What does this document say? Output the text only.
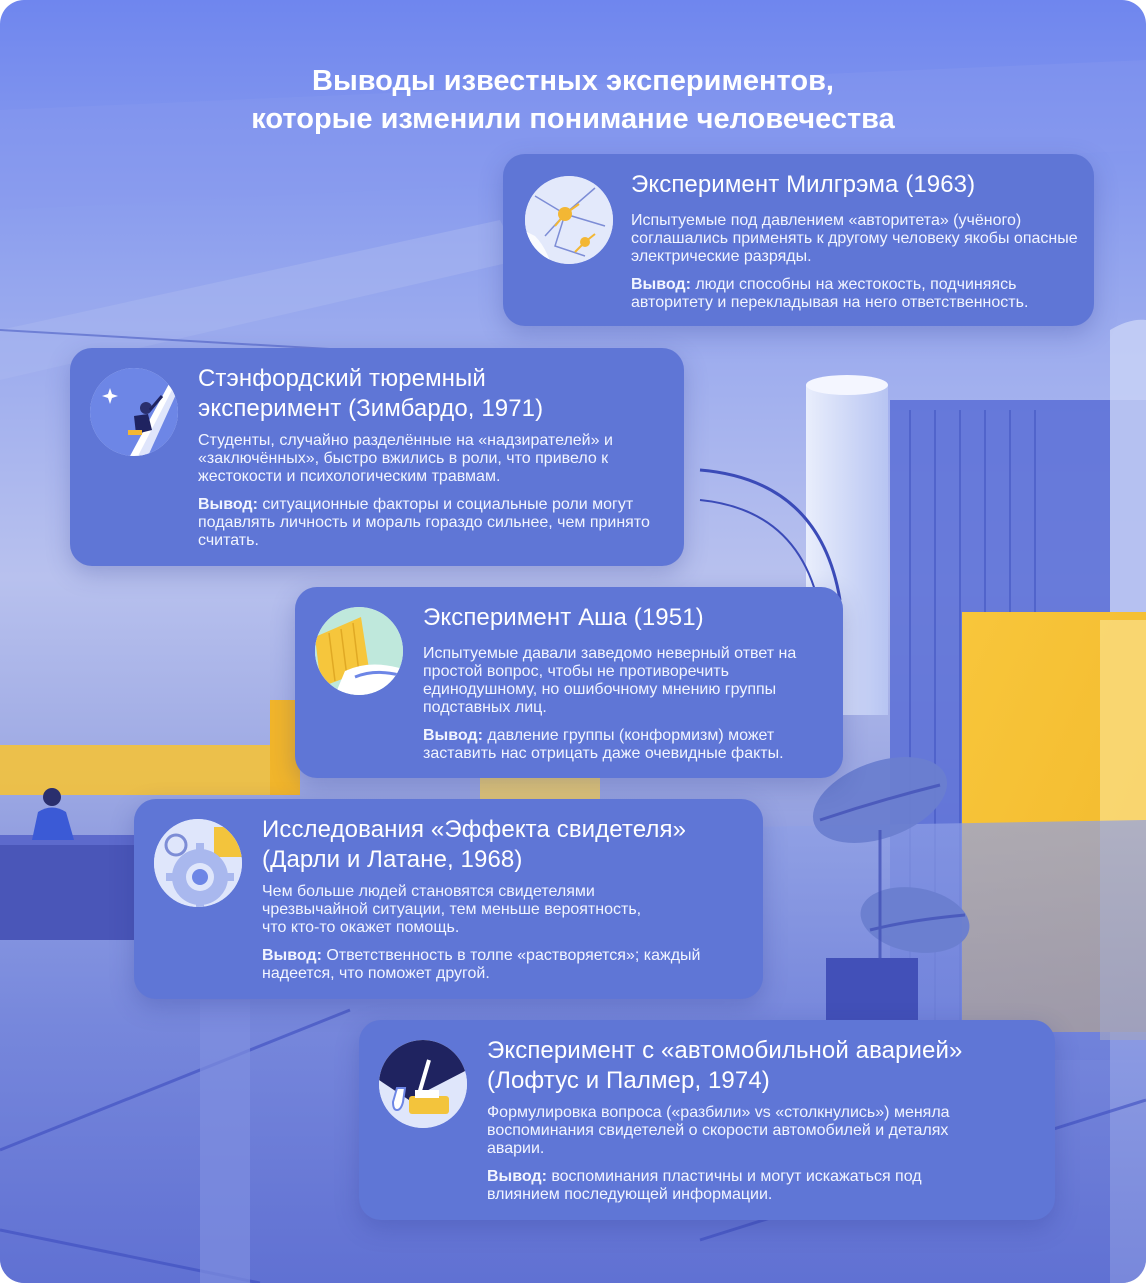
Выводы известных экспериментов,
которые изменили понимание человечества
Эксперимент Милгрэма (1963)
Испытуемые под давлением «авторитета» (учёного) соглашались применять к другому человеку якобы опасные электрические разряды.
Вывод: люди способны на жестокость, подчиняясь авторитету и перекладывая на него ответственность.
Стэнфордский тюремный эксперимент (Зимбардо, 1971)
Студенты, случайно разделённые на «надзирателей» и «заключённых», быстро вжились в роли, что привело к жестокости и психологическим травмам.
Вывод: ситуационные факторы и социальные роли могут подавлять личность и мораль гораздо сильнее, чем принято считать.
Эксперимент Аша (1951)
Испытуемые давали заведомо неверный ответ на простой вопрос, чтобы не противоречить единодушному, но ошибочному мнению группы подставных лиц.
Вывод: давление группы (конформизм) может заставить нас отрицать даже очевидные факты.
Исследования «Эффекта свидетеля» (Дарли и Латане, 1968)
Чем больше людей становятся свидетелями чрезвычайной ситуации, тем меньше вероятность, что кто-то окажет помощь.
Вывод: Ответственность в толпе «растворяется»; каждый надеется, что поможет другой.
Эксперимент с «автомобильной аварией» (Лофтус и Палмер, 1974)
Формулировка вопроса («разбили» vs «столкнулись») меняла воспоминания свидетелей о скорости автомобилей и деталях аварии.
Вывод: воспоминания пластичны и могут искажаться под влиянием последующей информации.
